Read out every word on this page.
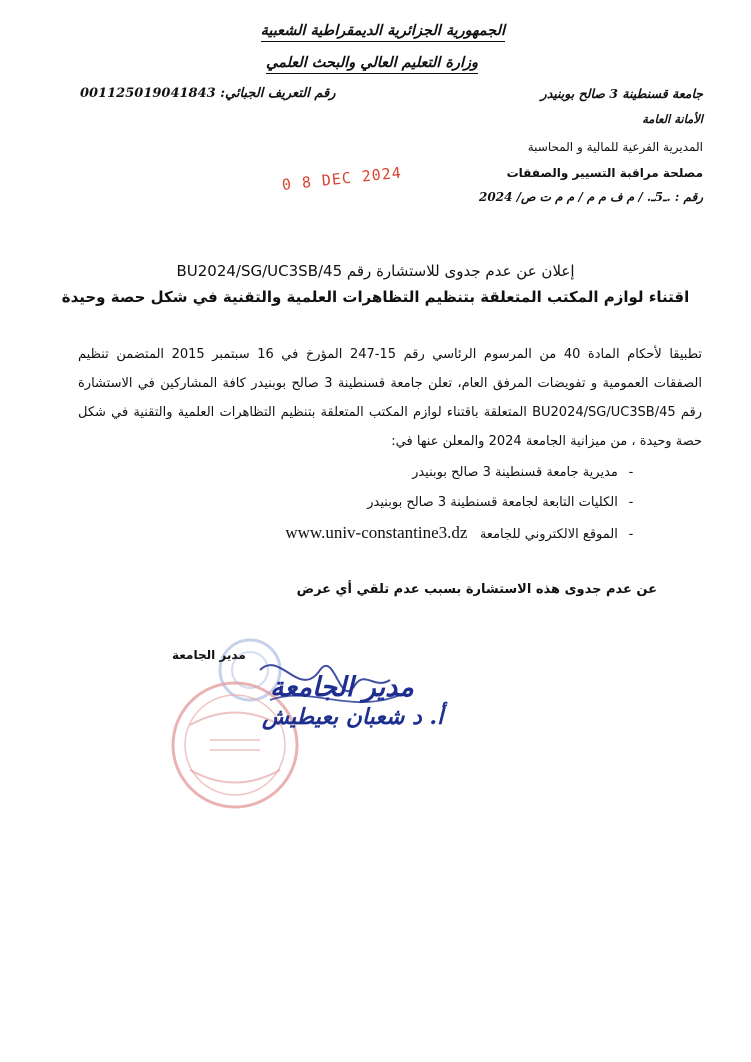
الجمهورية الجزائرية الديمقراطية الشعبية
وزارة التعليم العالي والبحث العلمي
جامعة قسنطينة 3 صالح بوبنيدر
الأمانة العامة
المديرية الفرعية للمالية و المحاسبة
مصلحة مراقبة التسيير والصفقات
رقم : .ـ5ـ. / م ف م م / م م ت ص/ 2024
رقم التعريف الجبائي: 001125019041843
0 8 DEC 2024
إعلان عن عدم جدوى للاستشارة رقم BU2024/SG/UC3SB/45
اقتناء لوازم المكتب المتعلقة بتنظيم التظاهرات العلمية والتقنية في شكل حصة وحيدة
تطبيقا لأحكام المادة 40 من المرسوم الرئاسي رقم 15-247 المؤرخ في 16 سبتمبر 2015 المتضمن تنظيم الصفقات العمومية و تفويضات المرفق العام، تعلن جامعة قسنطينة 3 صالح بوبنيدر كافة المشاركين في الاستشارة رقم BU2024/SG/UC3SB/45 المتعلقة باقتناء لوازم المكتب المتعلقة بتنظيم التظاهرات العلمية والتقنية في شكل حصة وحيدة ، من ميزانية الجامعة 2024 والمعلن عنها في:
- مديرية جامعة قسنطينة 3 صالح بوبنيدر
- الكليات التابعة لجامعة قسنطينة 3 صالح بوبنيدر
- الموقع الالكتروني للجامعة   www.univ-constantine3.dz
عن عدم جدوى هذه الاستشارة بسبب عدم تلقي أي عرض
مدير الجامعة
مدير الجامعة
أ. د شعبان بعيطيش
